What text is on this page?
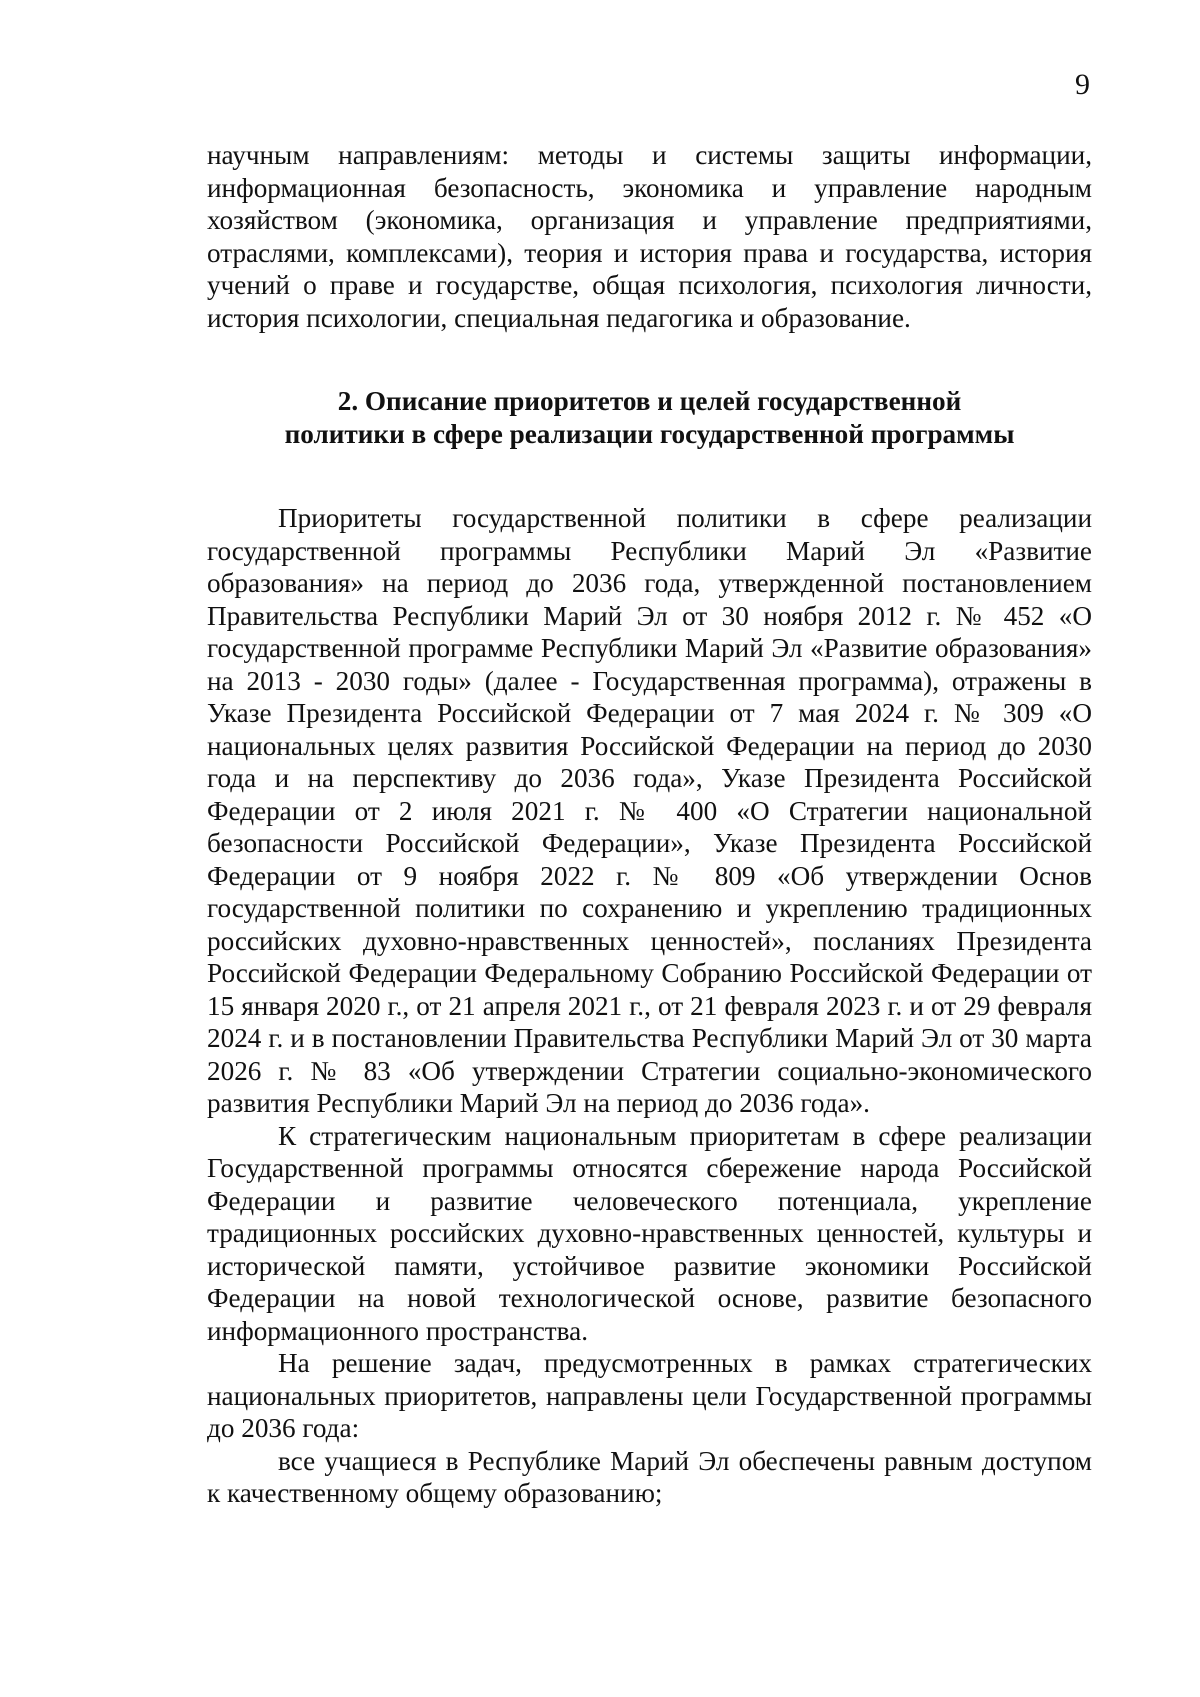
9

научным направлениям: методы и системы защиты информации, информационная безопасность, экономика и управление народным хозяйством (экономика, организация и управление предприятиями, отраслями, комплексами), теория и история права и государства, история учений о праве и государстве, общая психология, психология личности, история психологии, специальная педагогика и образование.

2. Описание приоритетов и целей государственной
политики в сфере реализации государственной программы

Приоритеты государственной политики в сфере реализации государственной программы Республики Марий Эл «Развитие образования» на период до 2036 года, утвержденной постановлением Правительства Республики Марий Эл от 30 ноября 2012 г. № 452 «О государственной программе Республики Марий Эл «Развитие образования» на 2013 - 2030 годы» (далее - Государственная программа), отражены в Указе Президента Российской Федерации от 7 мая 2024 г. № 309 «О национальных целях развития Российской Федерации на период до 2030 года и на перспективу до 2036 года», Указе Президента Российской Федерации от 2 июля 2021 г. № 400 «О Стратегии национальной безопасности Российской Федерации», Указе Президента Российской Федерации от 9 ноября 2022 г. № 809 «Об утверждении Основ государственной политики по сохранению и укреплению традиционных российских духовно-нравственных ценностей», посланиях Президента Российской Федерации Федеральному Собранию Российской Федерации от 15 января 2020 г., от 21 апреля 2021 г., от 21 февраля 2023 г. и от 29 февраля 2024 г. и в постановлении Правительства Республики Марий Эл от 30 марта 2026 г. № 83 «Об утверждении Стратегии социально-экономического развития Республики Марий Эл на период до 2036 года».

К стратегическим национальным приоритетам в сфере реализации Государственной программы относятся сбережение народа Российской Федерации и развитие человеческого потенциала, укрепление традиционных российских духовно-нравственных ценностей, культуры и исторической памяти, устойчивое развитие экономики Российской Федерации на новой технологической основе, развитие безопасного информационного пространства.

На решение задач, предусмотренных в рамках стратегических национальных приоритетов, направлены цели Государственной программы до 2036 года:

все учащиеся в Республике Марий Эл обеспечены равным доступом к качественному общему образованию;
